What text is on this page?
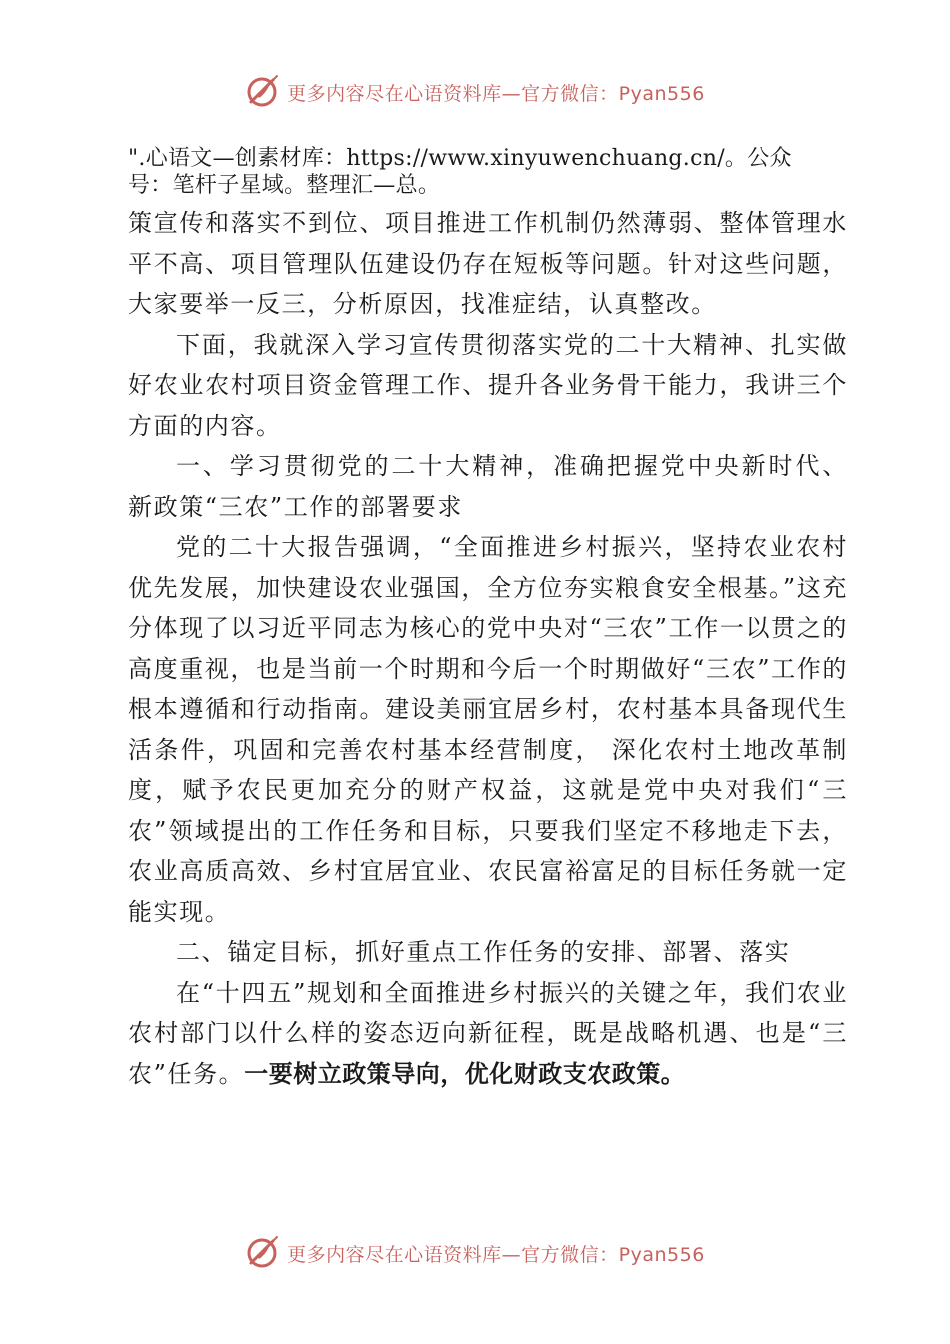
更多内容尽在心语资料库—官方微信：Pyan556

".心语文—创素材库：https://www.xinyuwenchuang.cn/。公众

号：笔杆子星域。整理汇—总。

策宣传和落实不到位、项目推进工作机制仍然薄弱、整体管理水平不高、项目管理队伍建设仍存在短板等问题。针对这些问题，大家要举一反三，分析原因，找准症结，认真整改。

下面，我就深入学习宣传贯彻落实党的二十大精神、扎实做好农业农村项目资金管理工作、提升各业务骨干能力，我讲三个方面的内容。

一、学习贯彻党的二十大精神，准确把握党中央新时代、 新政策“三农”工作的部署要求

党的二十大报告强调，“全面推进乡村振兴，坚持农业农村优先发展，加快建设农业强国，全方位夯实粮食安全根基。”这充分体现了以习近平同志为核心的党中央对“三农”工作一以贯之的高度重视，也是当前一个时期和今后一个时期做好“三农”工作的根本遵循和行动指南。建设美丽宜居乡村，农村基本具备现代生活条件，巩固和完善农村基本经营制度， 深化农村土地改革制度，赋予农民更加充分的财产权益，这就是党中央对我们“三农”领域提出的工作任务和目标，只要我们坚定不移地走下去，农业高质高效、乡村宜居宜业、农民富裕富足的目标任务就一定能实现。

二、锚定目标，抓好重点工作任务的安排、部署、落实

在“十四五”规划和全面推进乡村振兴的关键之年，我们农业农村部门以什么样的姿态迈向新征程，既是战略机遇、也是“三农”任务。一要树立政策导向，优化财政支农政策。

更多内容尽在心语资料库—官方微信：Pyan556
